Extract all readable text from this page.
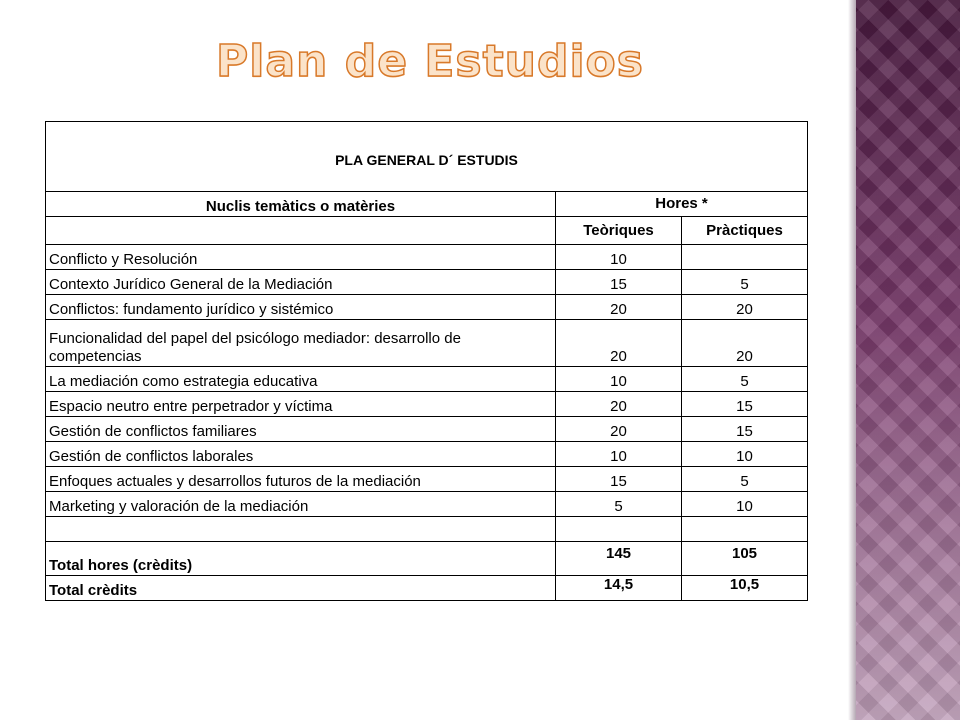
Plan de Estudios
PLA GENERAL D´ ESTUDIS		
Nuclis temàtics o matèries	Hores *	
	Teòriques	Pràctiques
Conflicto y Resolución	10	
Contexto Jurídico General de la Mediación	15	5
Conflictos: fundamento jurídico y sistémico	20	20
Funcionalidad del papel del psicólogo mediador: desarrollo de competencias	20	20
La mediación como estrategia educativa	10	5
Espacio neutro entre perpetrador y víctima	20	15
Gestión de conflictos familiares	20	15
Gestión de conflictos laborales	10	10
Enfoques actuales y desarrollos futuros de la mediación	15	5
Marketing y valoración de la mediación	5	10

Total hores (crèdits)	145	105
Total crèdits	14,5	10,5
